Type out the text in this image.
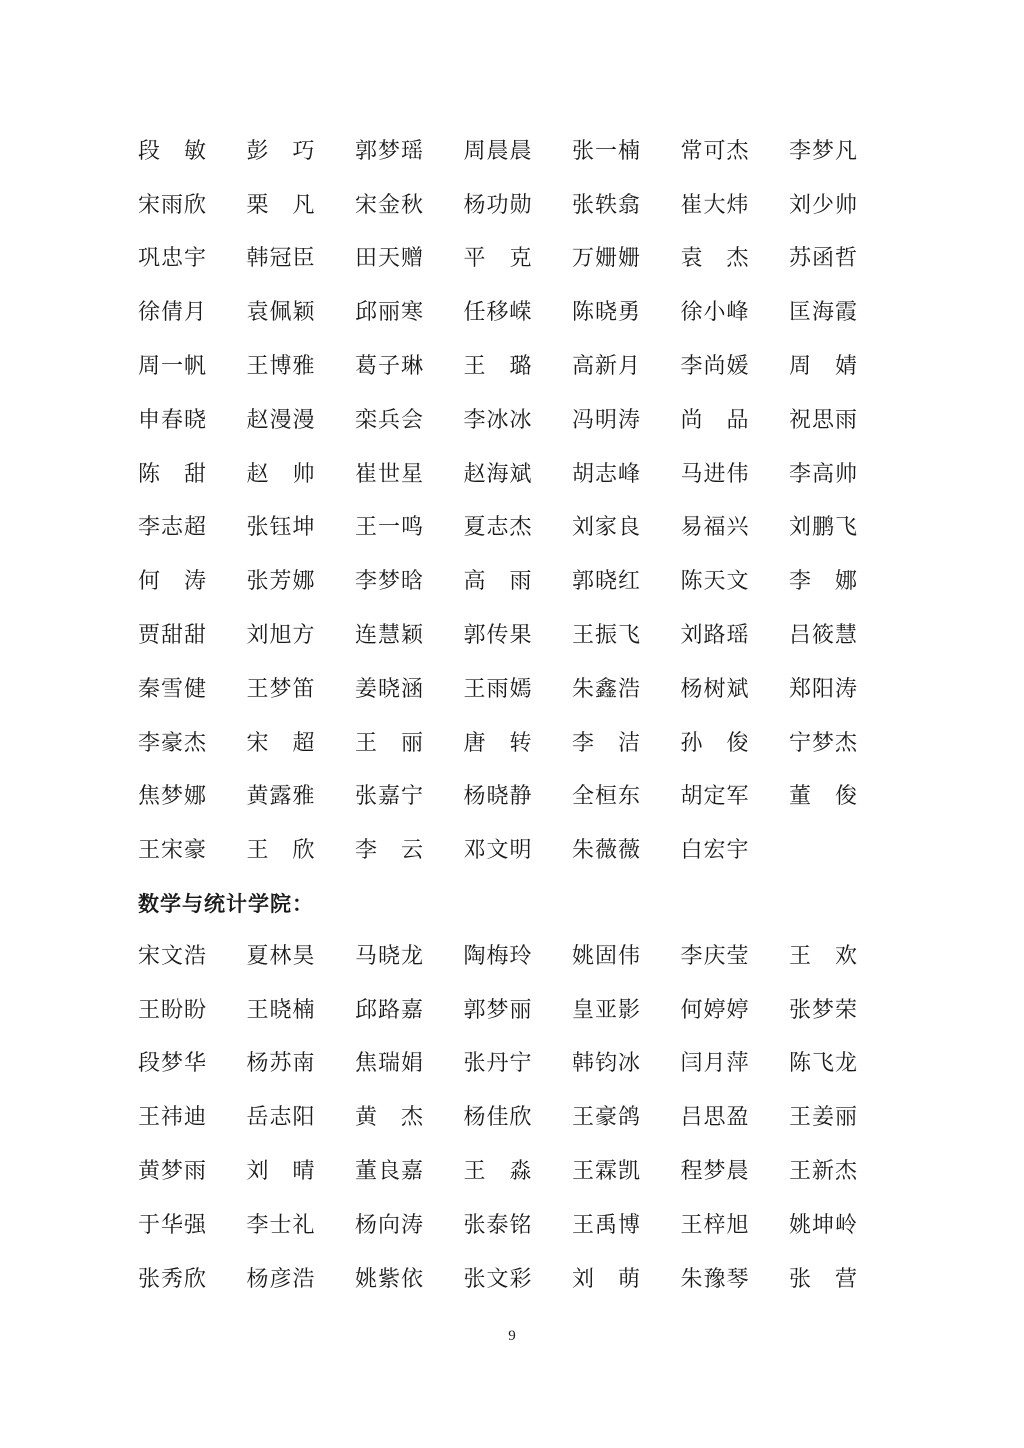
段　敏	彭　巧	郭梦瑶	周晨晨	张一楠	常可杰	李梦凡
宋雨欣	栗　凡	宋金秋	杨功勋	张轶翕	崔大炜	刘少帅
巩忠宇	韩冠臣	田天赠	平　克	万姗姗	袁　杰	苏函哲
徐倩月	袁佩颖	邱丽寒	任移嵘	陈晓勇	徐小峰	匡海霞
周一帆	王博雅	葛子琳	王　璐	高新月	李尚媛	周　婧
申春晓	赵漫漫	栾兵会	李冰冰	冯明涛	尚　品	祝思雨
陈　甜	赵　帅	崔世星	赵海斌	胡志峰	马进伟	李高帅
李志超	张钰坤	王一鸣	夏志杰	刘家良	易福兴	刘鹏飞
何　涛	张芳娜	李梦晗	高　雨	郭晓红	陈天文	李　娜
贾甜甜	刘旭方	连慧颖	郭传果	王振飞	刘路瑶	吕筱慧
秦雪健	王梦笛	姜晓涵	王雨嫣	朱鑫浩	杨树斌	郑阳涛
李豪杰	宋　超	王　丽	唐　转	李　洁	孙　俊	宁梦杰
焦梦娜	黄露雅	张嘉宁	杨晓静	全桓东	胡定军	董　俊
王宋豪	王　欣	李　云	邓文明	朱薇薇	白宏宇
数学与统计学院：
宋文浩	夏林昊	马晓龙	陶梅玲	姚固伟	李庆莹	王　欢
王盼盼	王晓楠	邱路嘉	郭梦丽	皇亚影	何婷婷	张梦荣
段梦华	杨苏南	焦瑞娟	张丹宁	韩钧冰	闫月萍	陈飞龙
王祎迪	岳志阳	黄　杰	杨佳欣	王豪鸽	吕思盈	王姜丽
黄梦雨	刘　晴	董良嘉	王　淼	王霖凯	程梦晨	王新杰
于华强	李士礼	杨向涛	张泰铭	王禹博	王梓旭	姚坤岭
张秀欣	杨彦浩	姚紫依	张文彩	刘　萌	朱豫琴	张　营
9
